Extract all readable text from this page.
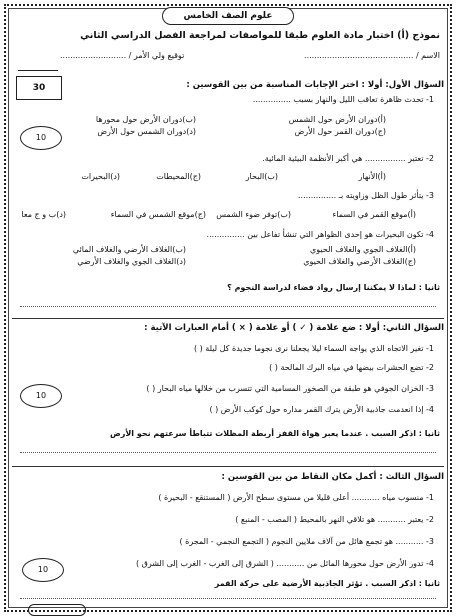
علوم الصف الخامس
نموذج (أ) اختبار مادة العلوم طبقا للمواصفات لمراجعة الفصل الدراسي الثاني
الاسم / ...........................................
توقيع ولي الأمر / ..........................
30	السؤال الأول: أولا : اختر الإجابات المناسبة من بين القوسين :
1- تحدث ظاهرة تعاقب الليل والنهار بسبب ...............
(أ)دوران الأرض حول الشمس
(ب)دوران الأرض حول محورها
(ج)دوران القمر حول الأرض
(د)دوران الشمس حول الأرض
10
2- تعتبر ................ هي أكبر الأنظمة البيئية المائية.
(أ)الأنهار
(ب)البحار
(ج)المحيطات
(د)البحيرات
3- يتأثر طول الظل وزاويته بـ ...............
(أ)موقع القمر في السماء
(ب)توفر ضوء الشمس
(ج)موقع الشمس في السماء
(د)ب و ج معا
4- تكون البحيرات هو إحدى الظواهر التي تنشأ تفاعل بين ...............
(أ)الغلاف الجوي والغلاف الحيوي
(ب)الغلاف الأرضي والغلاف المائي
(ج)الغلاف الأرضي والغلاف الحيوي
(د)الغلاف الجوي والغلاف الأرضي
ثانيا : لماذا لا يمكننا إرسال رواد فضاء لدراسة النجوم ؟
السؤال الثاني: أولا : ضع علامة ( ✓ ) أو علامة ( × ) أمام العبارات الآتية :
1- تغير الاتجاه الذي يواجه السماء ليلا يجعلنا نرى نجوما جديدة كل ليلة ( )
2- تضع الحشرات بيضها في مياه البرك المالحة ( )
3- الخزان الجوفي هو طبقة من الصخور المسامية التي تتسرب من خلالها مياه البحار ( )
10
4- إذا انعدمت جاذبية الأرض يترك القمر مداره حول كوكب الأرض ( )
ثانيا : اذكر السبب . عندما يعبر هواة القفز أربطة المظلات تتباطأ سرعتهم نحو الأرض
السؤال الثالث : أكمل مكان النقاط من بين القوسين :
1- منسوب مياه ........... أعلى قليلا من مستوى سطح الأرض ( المستنقع - البحيرة )
2- يعتبر ........... هو تلاقي النهر بالمحيط ( المصب - المنبع )
3- ........... هو تجمع هائل من آلاف ملايين النجوم ( التجمع النجمي - المجرة )
4- تدور الأرض حول محورها المائل من ........... ( الشرق إلى الغرب - الغرب إلى الشرق )
10
ثانيا : اذكر السبب . تؤثر الجاذبية الأرضية على حركة القمر
